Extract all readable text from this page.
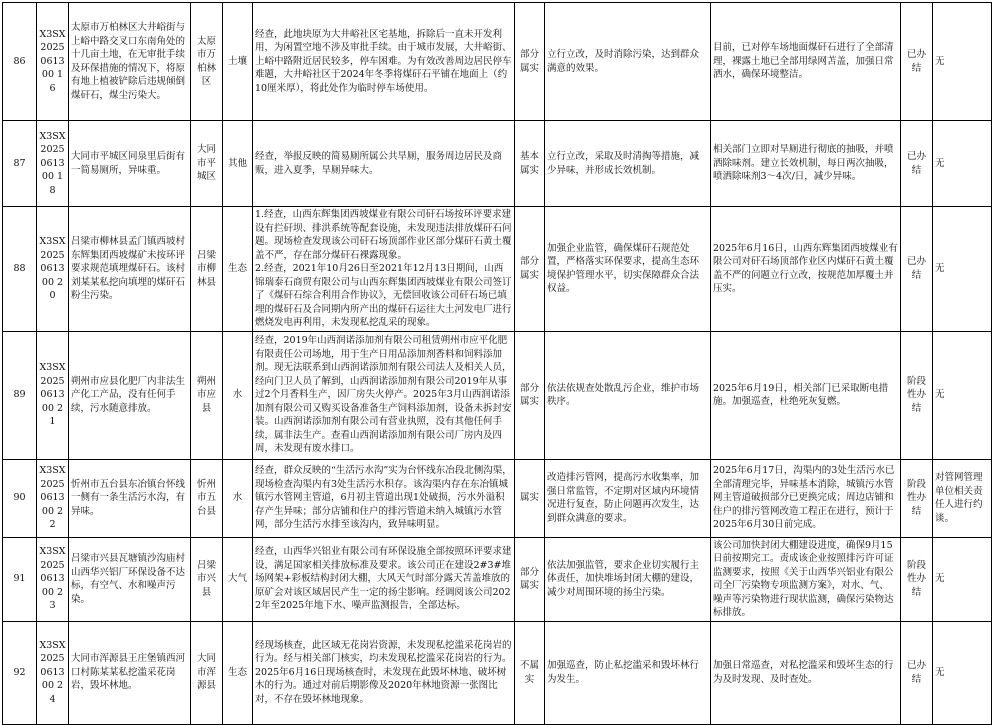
86	X3SX2025061300 16	太原市万柏林区大井峪街与上峪中路交叉口东南角处的十几亩土地，在无审批手续及环保措施的情况下，将原有地上植被铲除后违规倾倒煤矸石，煤尘污染大。	太原市万柏林区	土壤	经查，此地块原为大井峪社区宅基地，拆除后一直未开发利用，为闲置空地不涉及审批手续。由于城市发展，大井峪街、上峪中路附近居民较多，停车困难。为有效改善周边居民停车难题，大井峪社区于2024年冬季将煤矸石平铺在地面上（约10厘米厚），将此处作为临时停车场使用。	部分属实	立行立改，及时消除污染，达到群众满意的效果。	目前，已对停车场地面煤矸石进行了全部清理，裸露土地已全部用绿网苫盖，加强日常洒水，确保环境整洁。	已办结	无
87	X3SX2025061300 18	大同市平城区同泉里后街有一简易厕所，异味重。	大同市平城区	其他	经查，举报反映的简易厕所属公共旱厕，服务周边居民及商贩，进入夏季，旱厕异味大。	基本属实	立行立改，采取及时清掏等措施，减少异味，并形成长效机制。	相关部门立即对旱厕进行彻底的抽吸，并喷洒除味剂。建立长效机制，每日两次抽吸，喷洒除味剂3～4次/日，减少异味。	已办结	无
88	X3SX2025061300 20	吕梁市柳林县孟门镇西坡村东辉集团西坡煤矿未按环评要求规范填埋煤矸石。该村刘某某私挖向填埋的煤矸石粉尘污染。	吕梁市柳林县	生态	1.经查，山西东辉集团西坡煤业有限公司矸石场按环评要求建设有拦矸坝、排洪系统等配套设施，未发现违法排放煤矸石问题。现场检查发现该公司矸石场顶部作业区部分煤矸石黄土覆盖不严，存在部分煤矸石裸露现象。
2.经查，2021年10月26日至2021年12月13日期间，山西锦瑞泰石商贸有限公司与山西东辉集团西坡煤业有限公司签订了《煤矸石综合利用合作协议》，无偿回收该公司矸石场已填埋的煤矸石及合同期内所产出的煤矸石运往大土河发电厂进行燃烧发电再利用，未发现私挖乱采的现象。	部分属实	加强企业监管，确保煤矸石规范处置，严格落实环保要求，提高生态环境保护管理水平，切实保障群众合法权益。	2025年6月16日，山西东辉集团西坡煤业有限公司对矸石场顶部作业区内煤矸石黄土覆盖不严的问题立行立改，按规范加厚覆土并压实。	已办结	无
89	X3SX2025061300 21	朔州市应县化肥厂内非法生产化工产品，没有任何手续，污水随意排放。	朔州市应县	水	经查，2019年山西润诺添加剂有限公司租赁朔州市应平化肥有限责任公司场地，用于生产日用品添加剂香料和饲料添加剂。现无法联系到山西润诺添加剂有限公司法人及相关人员，经向门卫人员了解到，山西润诺添加剂有限公司2019年从事过2个月香料生产，因厂房失火停产。2025年3月山西润诺添加剂有限公司又购买设备准备生产饲料添加剂，设备未拆封安装。山西润诺添加剂有限公司有营业执照，没有其他任何手续，属非法生产。查看山西润诺添加剂有限公司厂房内及四周，未发现有废水排口。	部分属实	依法依规查处散乱污企业，维护市场秩序。	2025年6月19日，相关部门已采取断电措施。加强巡查，杜绝死灰复燃。	阶段性办结	无
90	X3SX2025061300 22	忻州市五台县东冶镇台怀线一侧有一条生活污水沟，有异味。	忻州市五台县	水	经查，群众反映的“生活污水沟”实为台怀线东冶段北侧沟渠，现场检查沟渠内有3处生活污水积存。该沟渠内存在东冶镇城镇污水管网主管道，6月初主管道出现1处破损，污水外溢积存产生异味；部分店铺和住户的排污管道未纳入城镇污水管网，部分生活污水排至该沟内，致异味明显。	属实	改造排污管网，提高污水收集率，加强日常监管，不定期对区域内环境情况进行复查，防止问题再次发生，达到群众满意的要求。	2025年6月17日，沟渠内的3处生活污水已全部清理完毕，异味基本消除，城镇污水管网主管道破损部分已更换完成；周边店铺和住户的排污管网改造工程正在进行，预计于2025年6月30日前完成。	阶段性办结	对管网管理单位相关责任人进行约谈。
91	X3SX2025061300 23	吕梁市兴县瓦塘镇沙沟庙村山西华兴铝厂环保设备不达标，有空气、水和噪声污染。	吕梁市兴县	大气	经查，山西华兴铝业有限公司有环保设施全部按照环评要求建设，满足国家相关排放标准及要求。该公司正在建设2#3#堆场网架+彩板结构封闭大棚，大风天气时部分露天苫盖堆放的原矿会对该区域居民产生一定的扬尘影响。经调阅该公司2022年至2025年地下水、噪声监测报告，全部达标。	部分属实	依法加强监管，要求企业切实履行主体责任，加快堆场封闭大棚的建设，减少对周围环境的扬尘污染。	该公司加快封闭大棚建设进度，确保9月15日前按期完工。责成该企业按照排污许可证监测要求，按照《关于山西华兴铝业有限公司全厂污染物专项监测方案》，对水、气、噪声等污染物进行现状监测，确保污染物达标排放。	阶段性办结	无
92	X3SX2025061300 24	大同市浑源县王庄堡镇西河口村陈某某私挖滥采花岗岩，毁坏林地。	大同市浑源县	生态	经现场核查，此区域无花岗岩资源，未发现私挖滥采花岗岩的行为。经与相关部门核实，均未发现私挖滥采花岗岩的行为。2025年6月16日现场核查时，未发现在此毁坏林地、破坏树木的行为。通过对前后期影像及2020年林地资源一张图比对，不存在毁坏林地现象。	不属实	加强巡查，防止私挖滥采和毁坏林行为发生。	加强日常巡查，对私挖滥采和毁坏生态的行为及时发现、及时查处。	已办结	无
